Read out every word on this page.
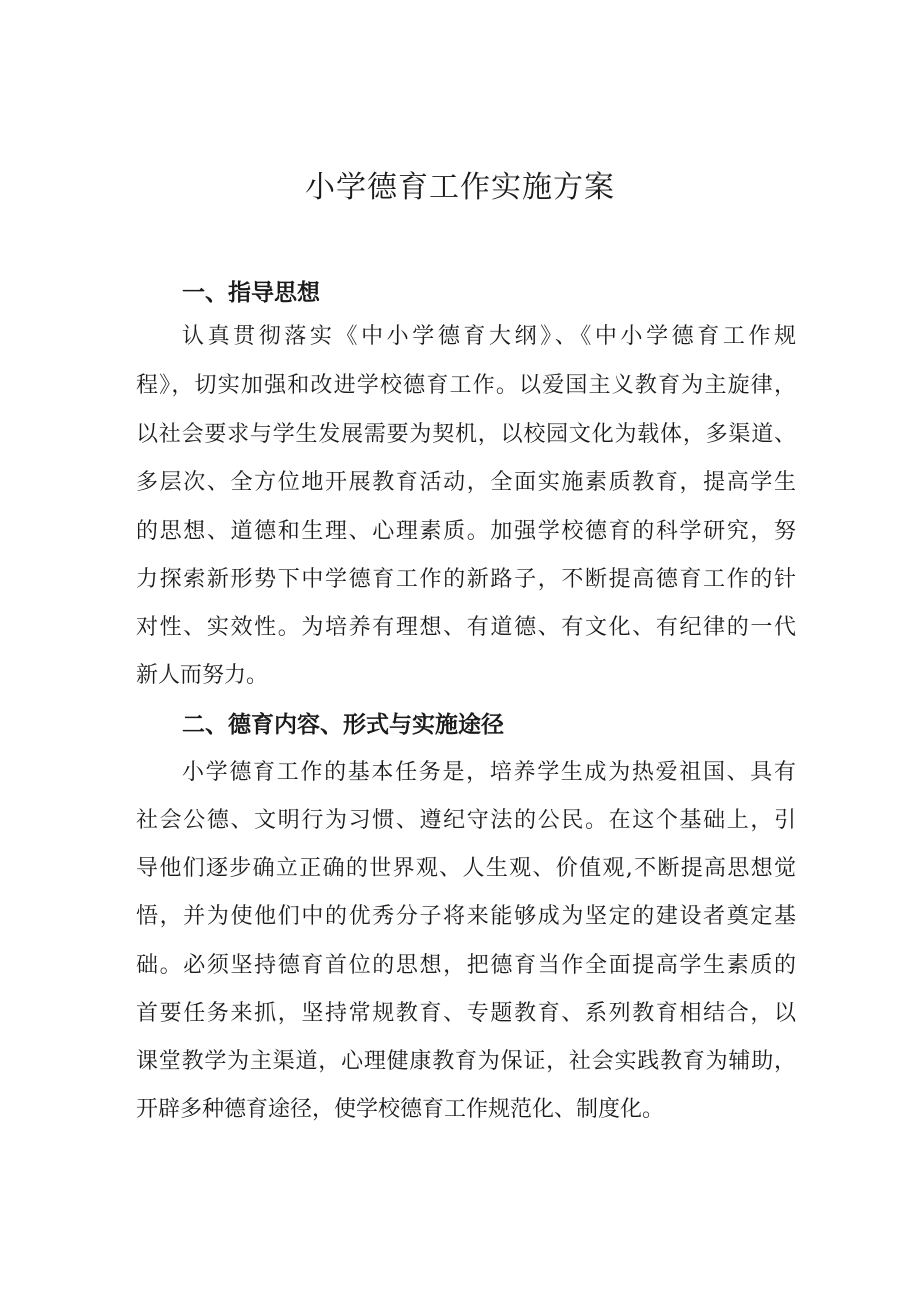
小学德育工作实施方案
一、指导思想

认真贯彻落实《中小学德育大纲》、《中小学德育工作规

程》，切实加强和改进学校德育工作。以爱国主义教育为主旋律，

以社会要求与学生发展需要为契机，以校园文化为载体，多渠道、

多层次、全方位地开展教育活动，全面实施素质教育，提高学生

的思想、道德和生理、心理素质。加强学校德育的科学研究，努

力探索新形势下中学德育工作的新路子，不断提高德育工作的针

对性、实效性。为培养有理想、有道德、有文化、有纪律的一代

新人而努力。

二、德育内容、形式与实施途径

小学德育工作的基本任务是，培养学生成为热爱祖国、具有

社会公德、文明行为习惯、遵纪守法的公民。在这个基础上，引

导他们逐步确立正确的世界观、人生观、价值观,不断提高思想觉

悟，并为使他们中的优秀分子将来能够成为坚定的建设者奠定基

础。必须坚持德育首位的思想，把德育当作全面提高学生素质的

首要任务来抓，坚持常规教育、专题教育、系列教育相结合，以

课堂教学为主渠道，心理健康教育为保证，社会实践教育为辅助，

开辟多种德育途径，使学校德育工作规范化、制度化。
